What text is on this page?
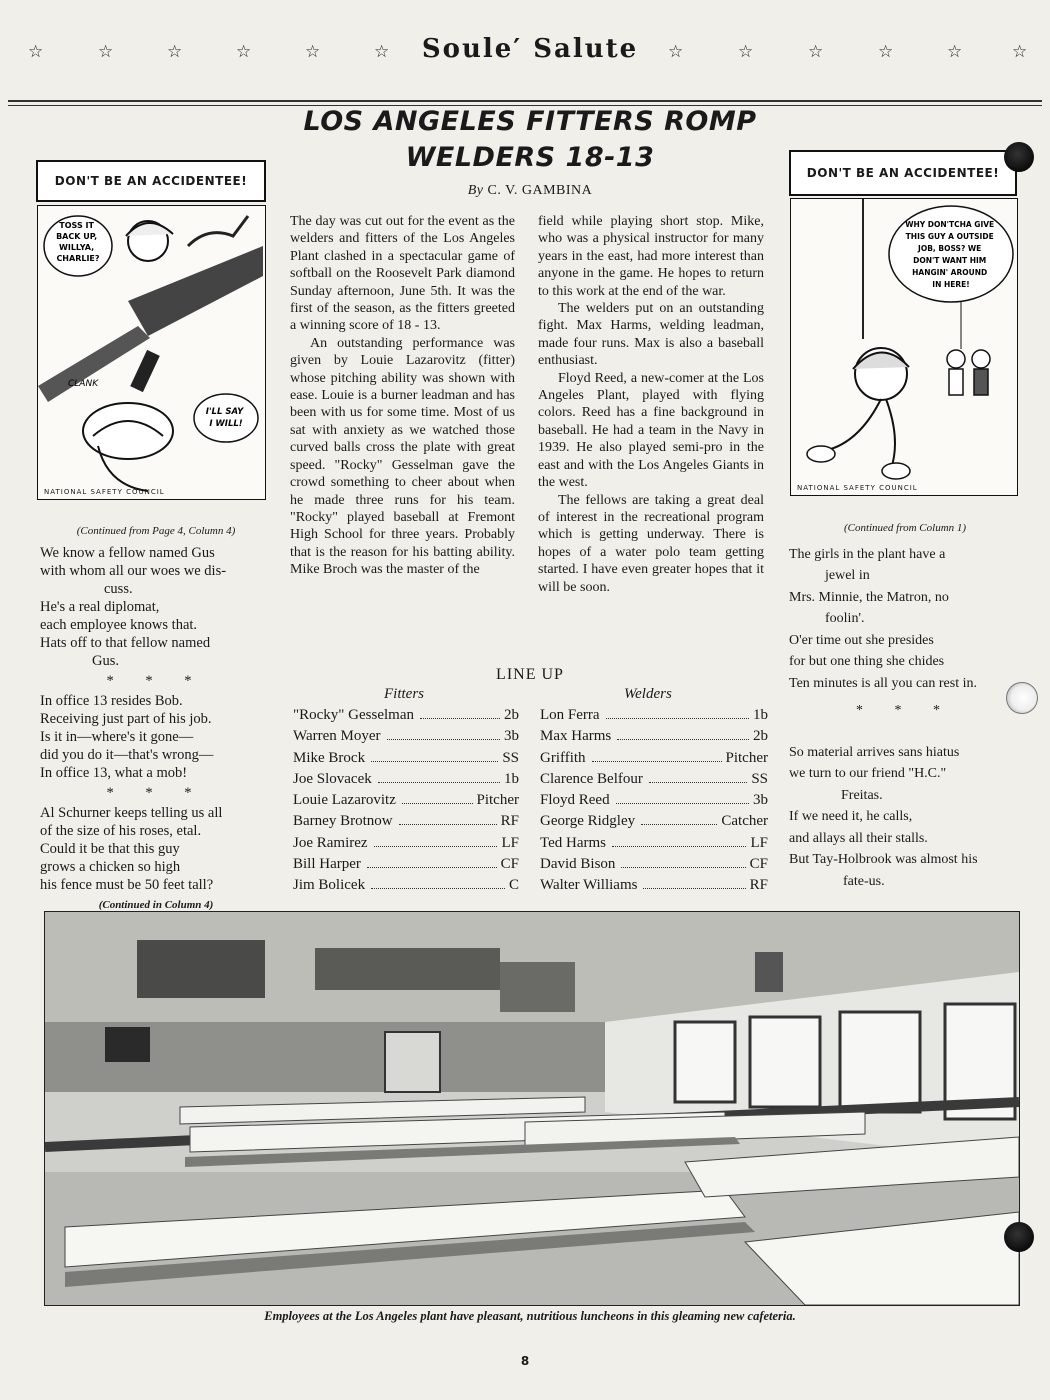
☆	☆	☆	☆	☆	☆	☆	☆	☆	☆	☆	☆
Soule′ Salute
LOS ANGELES FITTERS ROMP
WELDERS 18-13
By C. V. GAMBINA
DON'T BE AN ACCIDENTEE!
TOSS IT BACK UP, WILLYA, CHARLIE?
CLANK
I'LL SAY I WILL!
NATIONAL SAFETY COUNCIL
DON'T BE AN ACCIDENTEE!
WHY DON'TCHA GIVE THIS GUY A OUTSIDE JOB, BOSS? WE DON'T WANT HIM HANGIN' AROUND IN HERE!
NATIONAL SAFETY COUNCIL
(Continued from Page 4, Column 4)
We know a fellow named Gus
with whom all our woes we dis-
cuss.
He's a real diplomat,
each employee knows that.
Hats off to that fellow named
Gus.
* * *
In office 13 resides Bob.
Receiving just part of his job.
Is it in—where's it gone—
did you do it—that's wrong—
In office 13, what a mob!
* * *
Al Schurner keeps telling us all
of the size of his roses, etal.
Could it be that this guy
grows a chicken so high
his fence must be 50 feet tall?
(Continued in Column 4)

The day was cut out for the event as the welders and fitters of the Los Angeles Plant clashed in a spectacular game of softball on the Roosevelt Park diamond Sunday afternoon, June 5th. It was the first of the season, as the fitters greeted a winning score of 18 - 13.

An outstanding performance was given by Louie Lazarovitz (fitter) whose pitching ability was shown with ease. Louie is a burner leadman and has been with us for some time. Most of us sat with anxiety as we watched those curved balls cross the plate with great speed. "Rocky" Gesselman gave the crowd something to cheer about when he made three runs for his team. "Rocky" played baseball at Fremont High School for three years. Probably that is the reason for his batting ability. Mike Broch was the master of the

field while playing short stop. Mike, who was a physical instructor for many years in the east, had more interest than anyone in the game. He hopes to return to this work at the end of the war.

The welders put on an outstanding fight. Max Harms, welding leadman, made four runs. Max is also a baseball enthusiast.

Floyd Reed, a new-comer at the Los Angeles Plant, played with flying colors. Reed has a fine background in baseball. He had a team in the Navy in 1939. He also played semi-pro in the east and with the Los Angeles Giants in the west.

The fellows are taking a great deal of interest in the recreational program which is getting underway. There is hopes of a water polo team getting started. I have even greater hopes that it will be soon.

(Continued from Column 1)
The girls in the plant have a
jewel in
Mrs. Minnie, the Matron, no
foolin'.
O'er time out she presides
for but one thing she chides
Ten minutes is all you can rest in.
* * *
So material arrives sans hiatus
we turn to our friend "H.C."
Freitas.
If we need it, he calls,
and allays all their stalls.
But Tay-Holbrook was almost his
fate-us.
LINE UP
Fitters	Welders
"Rocky" Gesselman	2b
Warren Moyer	3b
Mike Brock	SS
Joe Slovacek	1b
Louie Lazarovitz	Pitcher
Barney Brotnow	RF
Joe Ramirez	LF
Bill Harper	CF
Jim Bolicek	C
Lon Ferra	1b
Max Harms	2b
Griffith	Pitcher
Clarence Belfour	SS
Floyd Reed	3b
George Ridgley	Catcher
Ted Harms	LF
David Bison	CF
Walter Williams	RF
Employees at the Los Angeles plant have pleasant, nutritious luncheons in this gleaming new cafeteria.
8
